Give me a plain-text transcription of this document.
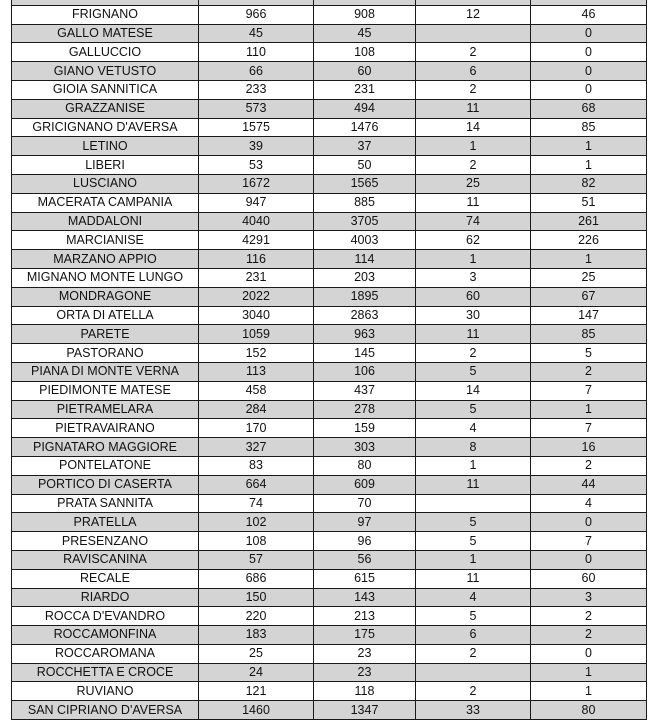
FRIGNANO	966	908	12	46
GALLO MATESE	45	45		0
GALLUCCIO	110	108	2	0
GIANO VETUSTO	66	60	6	0
GIOIA SANNITICA	233	231	2	0
GRAZZANISE	573	494	11	68
GRICIGNANO D'AVERSA	1575	1476	14	85
LETINO	39	37	1	1
LIBERI	53	50	2	1
LUSCIANO	1672	1565	25	82
MACERATA CAMPANIA	947	885	11	51
MADDALONI	4040	3705	74	261
MARCIANISE	4291	4003	62	226
MARZANO APPIO	116	114	1	1
MIGNANO MONTE LUNGO	231	203	3	25
MONDRAGONE	2022	1895	60	67
ORTA DI ATELLA	3040	2863	30	147
PARETE	1059	963	11	85
PASTORANO	152	145	2	5
PIANA DI MONTE VERNA	113	106	5	2
PIEDIMONTE MATESE	458	437	14	7
PIETRAMELARA	284	278	5	1
PIETRAVAIRANO	170	159	4	7
PIGNATARO MAGGIORE	327	303	8	16
PONTELATONE	83	80	1	2
PORTICO DI CASERTA	664	609	11	44
PRATA SANNITA	74	70		4
PRATELLA	102	97	5	0
PRESENZANO	108	96	5	7
RAVISCANINA	57	56	1	0
RECALE	686	615	11	60
RIARDO	150	143	4	3
ROCCA D'EVANDRO	220	213	5	2
ROCCAMONFINA	183	175	6	2
ROCCAROMANA	25	23	2	0
ROCCHETTA E CROCE	24	23		1
RUVIANO	121	118	2	1
SAN CIPRIANO D'AVERSA	1460	1347	33	80
